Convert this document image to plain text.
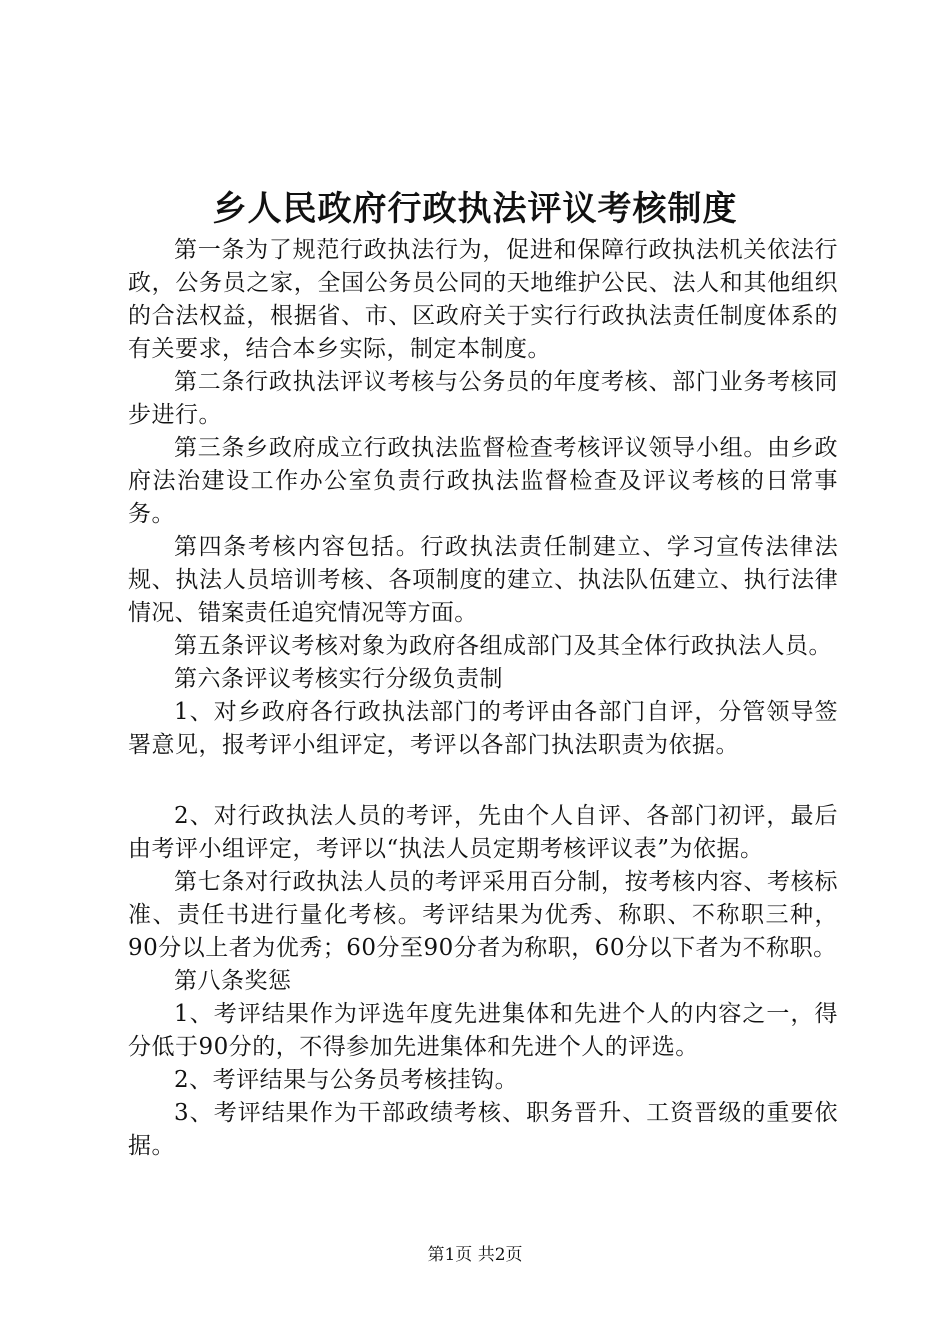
乡人民政府行政执法评议考核制度

第一条为了规范行政执法行为，促进和保障行政执法机关依法行政，公务员之家，全国公务员公同的天地维护公民、法人和其他组织的合法权益，根据省、市、区政府关于实行行政执法责任制度体系的有关要求，结合本乡实际，制定本制度。

第二条行政执法评议考核与公务员的年度考核、部门业务考核同步进行。

第三条乡政府成立行政执法监督检查考核评议领导小组。由乡政府法治建设工作办公室负责行政执法监督检查及评议考核的日常事务。

第四条考核内容包括。行政执法责任制建立、学习宣传法律法规、执法人员培训考核、各项制度的建立、执法队伍建立、执行法律情况、错案责任追究情况等方面。

第五条评议考核对象为政府各组成部门及其全体行政执法人员。

第六条评议考核实行分级负责制

1、对乡政府各行政执法部门的考评由各部门自评，分管领导签署意见，报考评小组评定，考评以各部门执法职责为依据。

2、对行政执法人员的考评，先由个人自评、各部门初评，最后由考评小组评定，考评以“执法人员定期考核评议表”为依据。

第七条对行政执法人员的考评采用百分制，按考核内容、考核标准、责任书进行量化考核。考评结果为优秀、称职、不称职三种，90分以上者为优秀；60分至90分者为称职，60分以下者为不称职。

第八条奖惩

1、考评结果作为评选年度先进集体和先进个人的内容之一，得分低于90分的，不得参加先进集体和先进个人的评选。

2、考评结果与公务员考核挂钩。

3、考评结果作为干部政绩考核、职务晋升、工资晋级的重要依据。

第1页 共2页
